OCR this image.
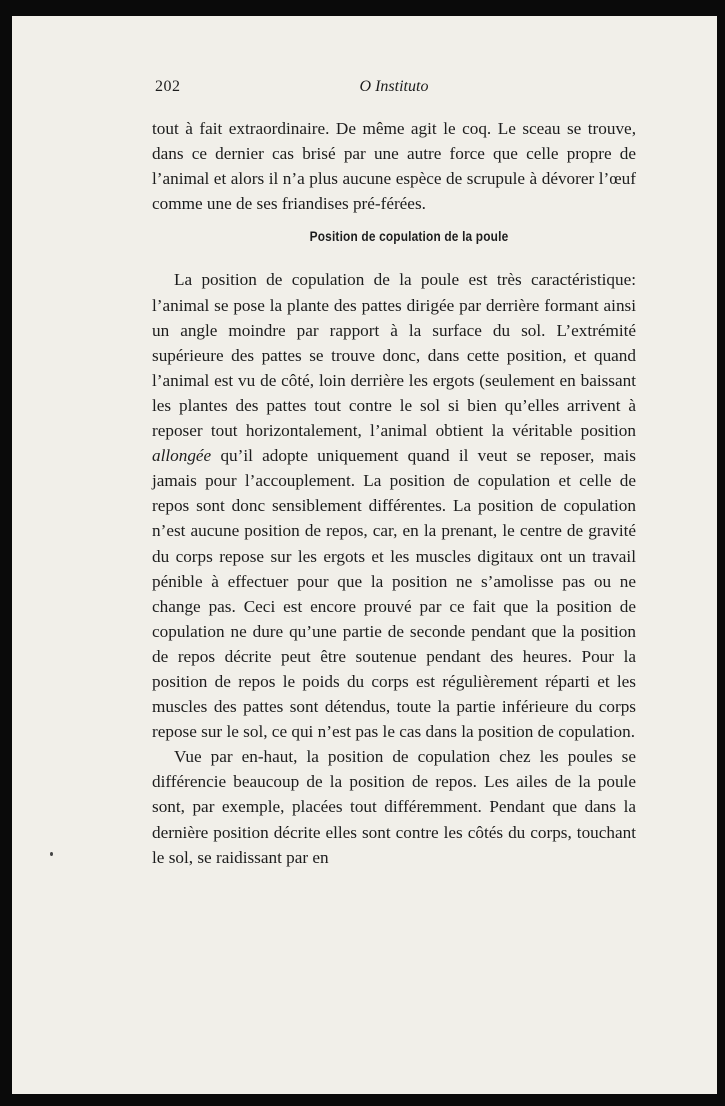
202	O Instituto

tout à fait extraordinaire. De même agit le coq. Le sceau se trouve, dans ce dernier cas brisé par une autre force que celle propre de l’animal et alors il n’a plus aucune espèce de scrupule à dévorer l’œuf comme une de ses friandises pré-férées.

Position de copulation de la poule

La position de copulation de la poule est très caractéristique: l’animal se pose la plante des pattes dirigée par derrière formant ainsi un angle moindre par rapport à la surface du sol. L’extrémité supérieure des pattes se trouve donc, dans cette position, et quand l’animal est vu de côté, loin derrière les ergots (seulement en baissant les plantes des pattes tout contre le sol si bien qu’elles arrivent à reposer tout horizontalement, l’animal obtient la véritable position allongée qu’il adopte uniquement quand il veut se reposer, mais jamais pour l’accouplement. La position de copulation et celle de repos sont donc sensiblement différentes. La position de copulation n’est aucune position de repos, car, en la prenant, le centre de gravité du corps repose sur les ergots et les muscles digitaux ont un travail pénible à effectuer pour que la position ne s’amolisse pas ou ne change pas. Ceci est encore prouvé par ce fait que la position de copulation ne dure qu’une partie de seconde pendant que la position de repos décrite peut être soutenue pendant des heures. Pour la position de repos le poids du corps est régulièrement réparti et les muscles des pattes sont détendus, toute la partie inférieure du corps repose sur le sol, ce qui n’est pas le cas dans la position de copulation.

Vue par en-haut, la position de copulation chez les poules se différencie beaucoup de la position de repos. Les ailes de la poule sont, par exemple, placées tout différemment. Pendant que dans la dernière position décrite elles sont contre les côtés du corps, touchant le sol, se raidissant par en
